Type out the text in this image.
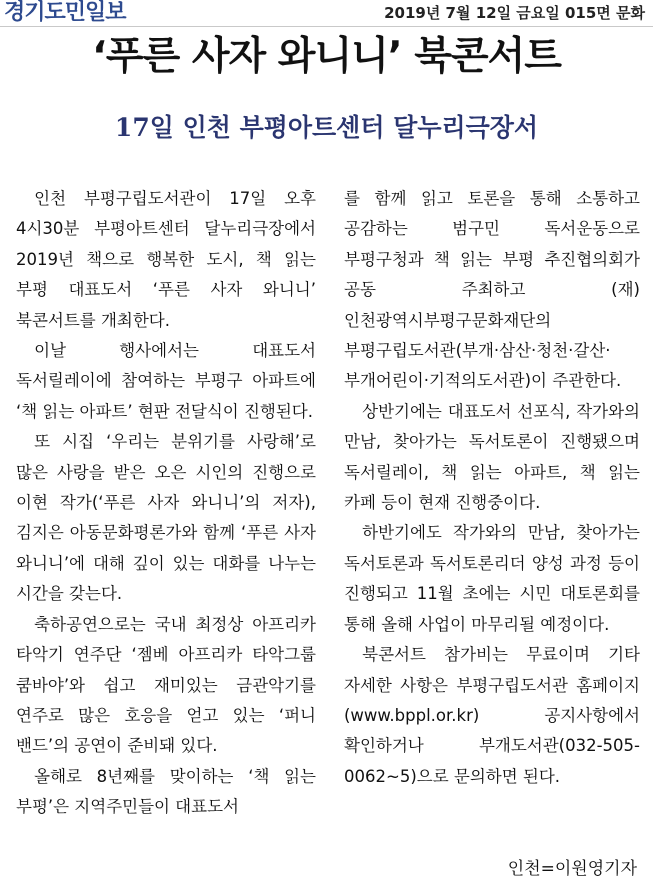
경기도민일보	2019년 7월 12일 금요일 015면 문화
‘푸른 사자 와니니’ 북콘서트
17일 인천 부평아트센터 달누리극장서

인천 부평구립도서관이 17일 오후 4시30분 부평아트센터 달누리극장에서 2019년 책으로 행복한 도시, 책 읽는 부평 대표도서 ‘푸른 사자 와니니’ 북콘서트를 개최한다.

이날 행사에서는 대표도서 독서릴레이에 참여하는 부평구 아파트에 ‘책 읽는 아파트’ 현판 전달식이 진행된다.

또 시집 ‘우리는 분위기를 사랑해’로 많은 사랑을 받은 오은 시인의 진행으로 이현 작가(‘푸른 사자 와니니’의 저자), 김지은 아동문화평론가와 함께 ‘푸른 사자 와니니’에 대해 깊이 있는 대화를 나누는 시간을 갖는다.

축하공연으로는 국내 최정상 아프리카 타악기 연주단 ‘젬베 아프리카 타악그룹 쿰바야’와 쉽고 재미있는 금관악기를 연주로 많은 호응을 얻고 있는 ‘퍼니 밴드’의 공연이 준비돼 있다.

올해로 8년째를 맞이하는 ‘책 읽는 부평’은 지역주민들이 대표도서

를 함께 읽고 토론을 통해 소통하고 공감하는 범구민 독서운동으로 부평구청과 책 읽는 부평 추진협의회가 공동 주최하고 (재)인천광역시부평구문화재단의 부평구립도서관(부개·삼산·청천·갈산·부개어린이·기적의도서관)이 주관한다.

상반기에는 대표도서 선포식, 작가와의 만남, 찾아가는 독서토론이 진행됐으며 독서릴레이, 책 읽는 아파트, 책 읽는 카페 등이 현재 진행중이다.

하반기에도 작가와의 만남, 찾아가는 독서토론과 독서토론리더 양성 과정 등이 진행되고 11월 초에는 시민 대토론회를 통해 올해 사업이 마무리될 예정이다.

북콘서트 참가비는 무료이며 기타 자세한 사항은 부평구립도서관 홈페이지(www.bppl.or.kr) 공지사항에서 확인하거나 부개도서관(032-505-0062~5)으로 문의하면 된다.

인천=이원영기자
